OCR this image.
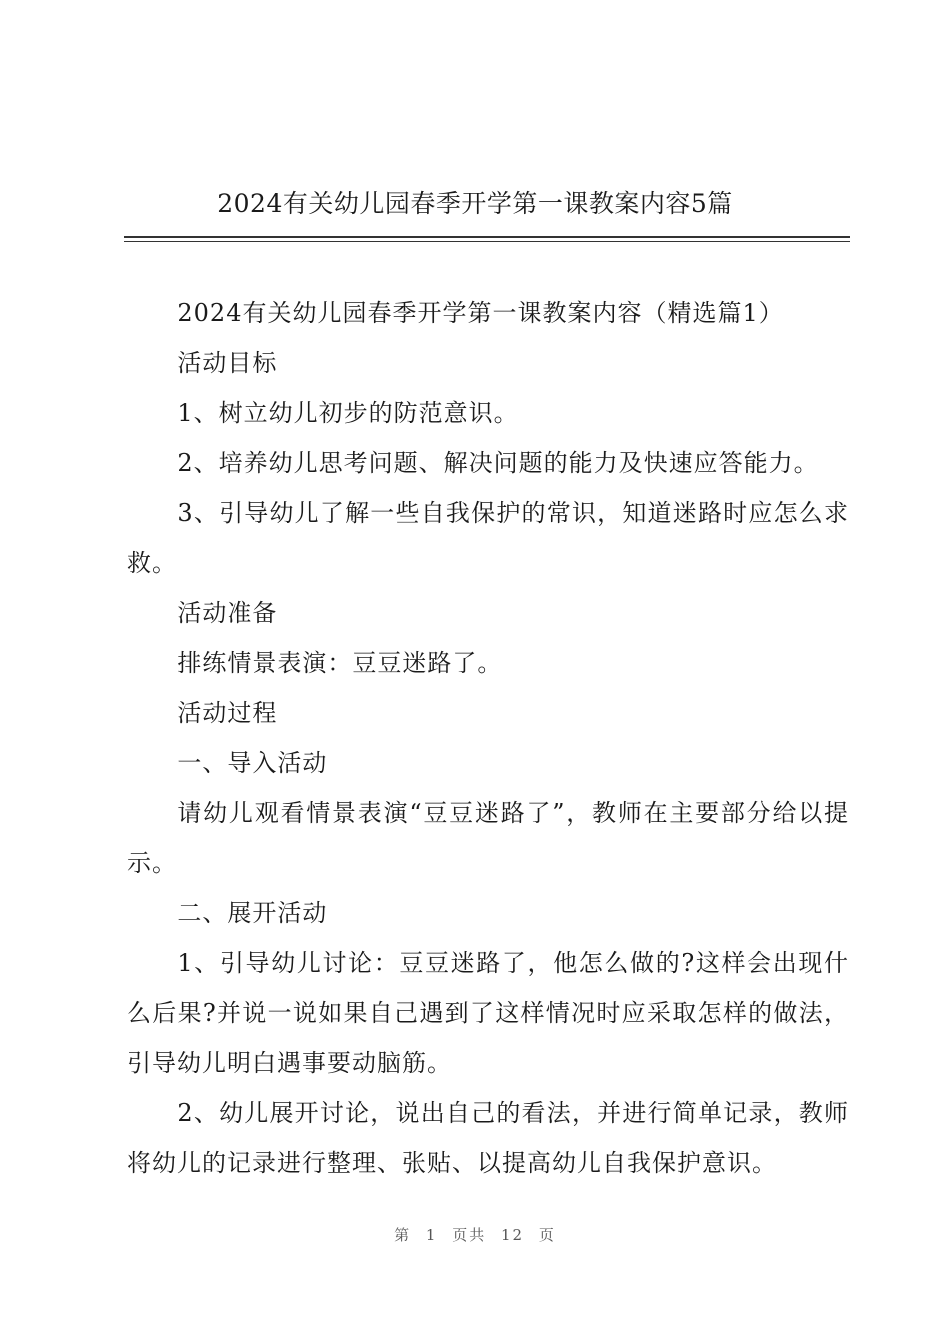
2024有关幼儿园春季开学第一课教案内容5篇

2024有关幼儿园春季开学第一课教案内容（精选篇1）

活动目标

1、树立幼儿初步的防范意识。

2、培养幼儿思考问题、解决问题的能力及快速应答能力。

3、引导幼儿了解一些自我保护的常识，知道迷路时应怎么求救。

活动准备

排练情景表演：豆豆迷路了。

活动过程

一、导入活动

请幼儿观看情景表演“豆豆迷路了”，教师在主要部分给以提示。

二、展开活动

1、引导幼儿讨论：豆豆迷路了，他怎么做的?这样会出现什么后果?并说一说如果自己遇到了这样情况时应采取怎样的做法，引导幼儿明白遇事要动脑筋。

2、幼儿展开讨论，说出自己的看法，并进行简单记录，教师将幼儿的记录进行整理、张贴、以提高幼儿自我保护意识。

第 1 页共 12 页
